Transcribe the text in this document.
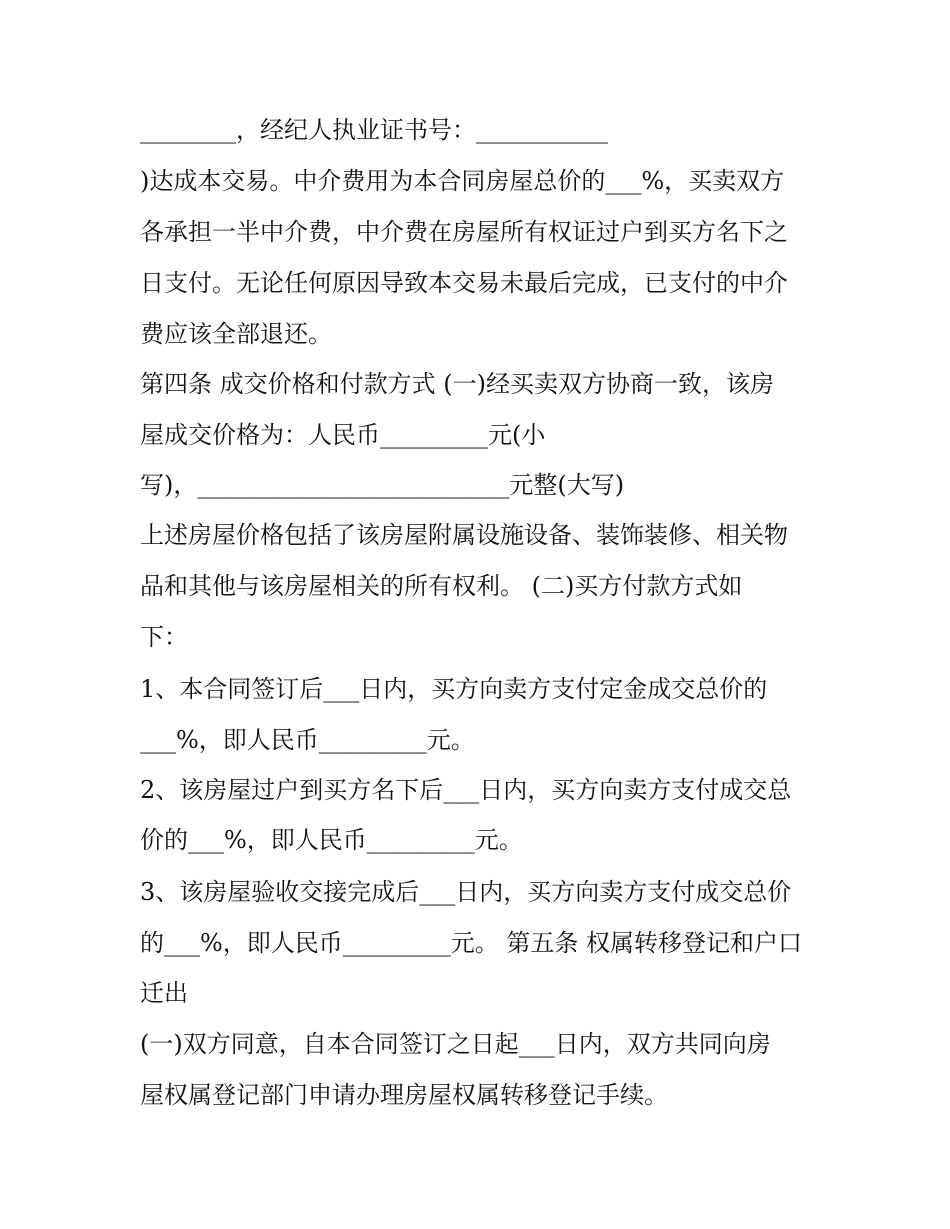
________，经纪人执业证书号：___________

)达成本交易。中介费用为本合同房屋总价的___%，买卖双方

各承担一半中介费，中介费在房屋所有权证过户到买方名下之

日支付。无论任何原因导致本交易未最后完成，已支付的中介

费应该全部退还。

第四条 成交价格和付款方式 (一)经买卖双方协商一致，该房

屋成交价格为：人民币_________元(小

写)，__________________________元整(大写)

上述房屋价格包括了该房屋附属设施设备、装饰装修、相关物

品和其他与该房屋相关的所有权利。 (二)买方付款方式如

下：

1、本合同签订后___日内，买方向卖方支付定金成交总价的

___%，即人民币_________元。

2、该房屋过户到买方名下后___日内，买方向卖方支付成交总

价的___%，即人民币_________元。

3、该房屋验收交接完成后___日内，买方向卖方支付成交总价

的___%，即人民币_________元。 第五条 权属转移登记和户口

迁出

(一)双方同意，自本合同签订之日起___日内，双方共同向房

屋权属登记部门申请办理房屋权属转移登记手续。
